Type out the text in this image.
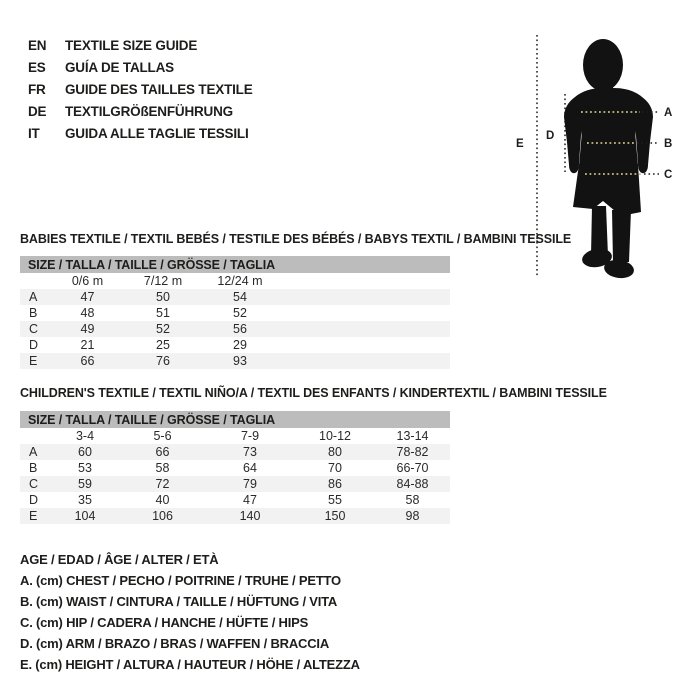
EN	TEXTILE SIZE GUIDE
ES	GUÍA DE TALLAS
FR	GUIDE DES TAILLES TEXTILE
DE	TEXTILGRÖßENFÜHRUNG
IT	GUIDA ALLE TAGLIE TESSILI
E
D
A
B
C
BABIES TEXTILE / TEXTIL BEBÉS / TESTILE DES BÉBÉS / BABYS TEXTIL / BAMBINI TESSILE
SIZE / TALLA / TAILLE / GRÖSSE / TAGLIA				
	0/6 m	7/12 m	12/24 m	
A	47	50	54	
B	48	51	52	
C	49	52	56	
D	21	25	29	
E	66	76	93	
CHILDREN'S TEXTILE / TEXTIL NIÑO/A / TEXTIL DES ENFANTS / KINDERTEXTIL / BAMBINI TESSILE
SIZE / TALLA / TAILLE / GRÖSSE / TAGLIA					
	3-4	5-6	7-9	10-12	13-14
A	60	66	73	80	78-82
B	53	58	64	70	66-70
C	59	72	79	86	84-88
D	35	40	47	55	58
E	104	106	140	150	98
AGE / EDAD / ÂGE / ALTER / ETÀ
A. (cm) CHEST / PECHO / POITRINE / TRUHE / PETTO
B. (cm) WAIST / CINTURA / TAILLE / HÜFTUNG / VITA
C. (cm) HIP / CADERA / HANCHE / HÜFTE / HIPS
D. (cm) ARM / BRAZO / BRAS / WAFFEN / BRACCIA
E. (cm) HEIGHT / ALTURA / HAUTEUR / HÖHE / ALTEZZA
